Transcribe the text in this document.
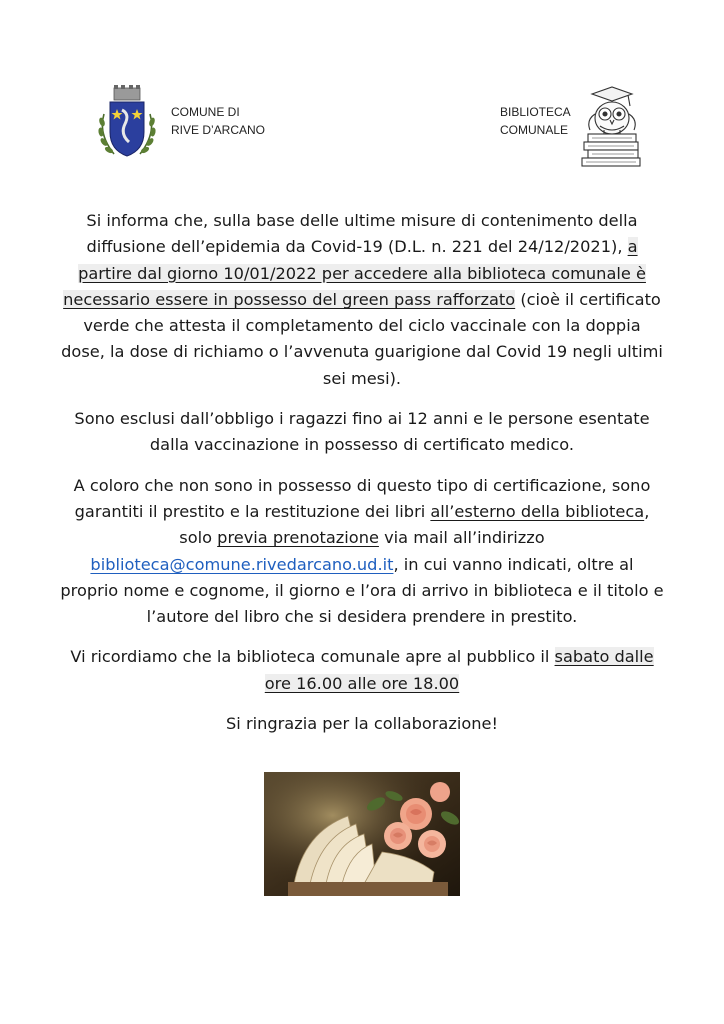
COMUNE DI
RIVE D’ARCANO
BIBLIOTECA
COMUNALE

Si informa che, sulla base delle ultime misure di contenimento della diffusione dell’epidemia da Covid-19 (D.L. n. 221 del 24/12/2021), a partire dal giorno 10/01/2022 per accedere alla biblioteca comunale è necessario essere in possesso del green pass rafforzato (cioè il certificato verde che attesta il completamento del ciclo vaccinale con la doppia dose, la dose di richiamo o l’avvenuta guarigione dal Covid 19 negli ultimi sei mesi).

Sono esclusi dall’obbligo i ragazzi fino ai 12 anni e le persone esentate dalla vaccinazione in possesso di certificato medico.

A coloro che non sono in possesso di questo tipo di certificazione, sono garantiti il prestito e la restituzione dei libri all’esterno della biblioteca, solo previa prenotazione via mail all’indirizzo biblioteca@comune.rivedarcano.ud.it, in cui vanno indicati, oltre al proprio nome e cognome, il giorno e l’ora di arrivo in biblioteca e il titolo e l’autore del libro che si desidera prendere in prestito.

Vi ricordiamo che la biblioteca comunale apre al pubblico il sabato dalle ore 16.00 alle ore 18.00

Si ringrazia per la collaborazione!
